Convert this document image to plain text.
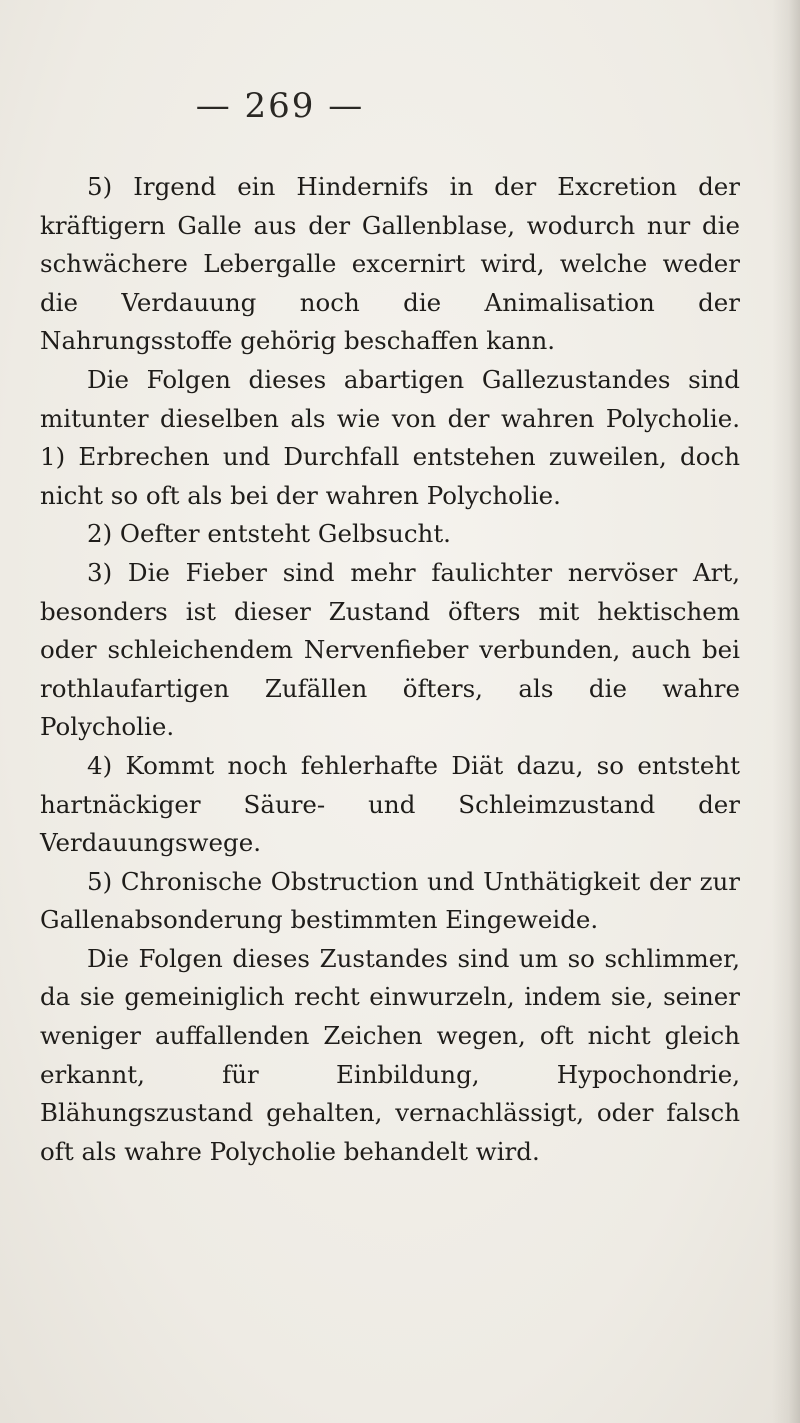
— 269 —

5) Irgend ein Hindernifs in der Excretion der kräftigern Galle aus der Gallenblase, wodurch nur die schwächere Lebergalle excernirt wird, welche weder die Verdauung noch die Animalisation der Nahrungsstoffe gehörig beschaffen kann.

Die Folgen dieses abartigen Gallezustandes sind mitunter dieselben als wie von der wahren Polycholie. 1) Erbrechen und Durchfall entstehen zuweilen, doch nicht so oft als bei der wahren Polycholie.

2) Oefter entsteht Gelbsucht.

3) Die Fieber sind mehr faulichter nervöser Art, besonders ist dieser Zustand öfters mit hektischem oder schleichendem Nervenfieber verbunden, auch bei rothlaufartigen Zufällen öfters, als die wahre Polycholie.

4) Kommt noch fehlerhafte Diät dazu, so entsteht hartnäckiger Säure- und Schleimzustand der Verdauungswege.

5) Chronische Obstruction und Unthätigkeit der zur Gallenabsonderung bestimmten Eingeweide.

Die Folgen dieses Zustandes sind um so schlimmer, da sie gemeiniglich recht einwurzeln, indem sie, seiner weniger auffallenden Zeichen wegen, oft nicht gleich erkannt, für Einbildung, Hypochondrie, Blähungszustand gehalten, vernachlässigt, oder falsch oft als wahre Polycholie behandelt wird.
